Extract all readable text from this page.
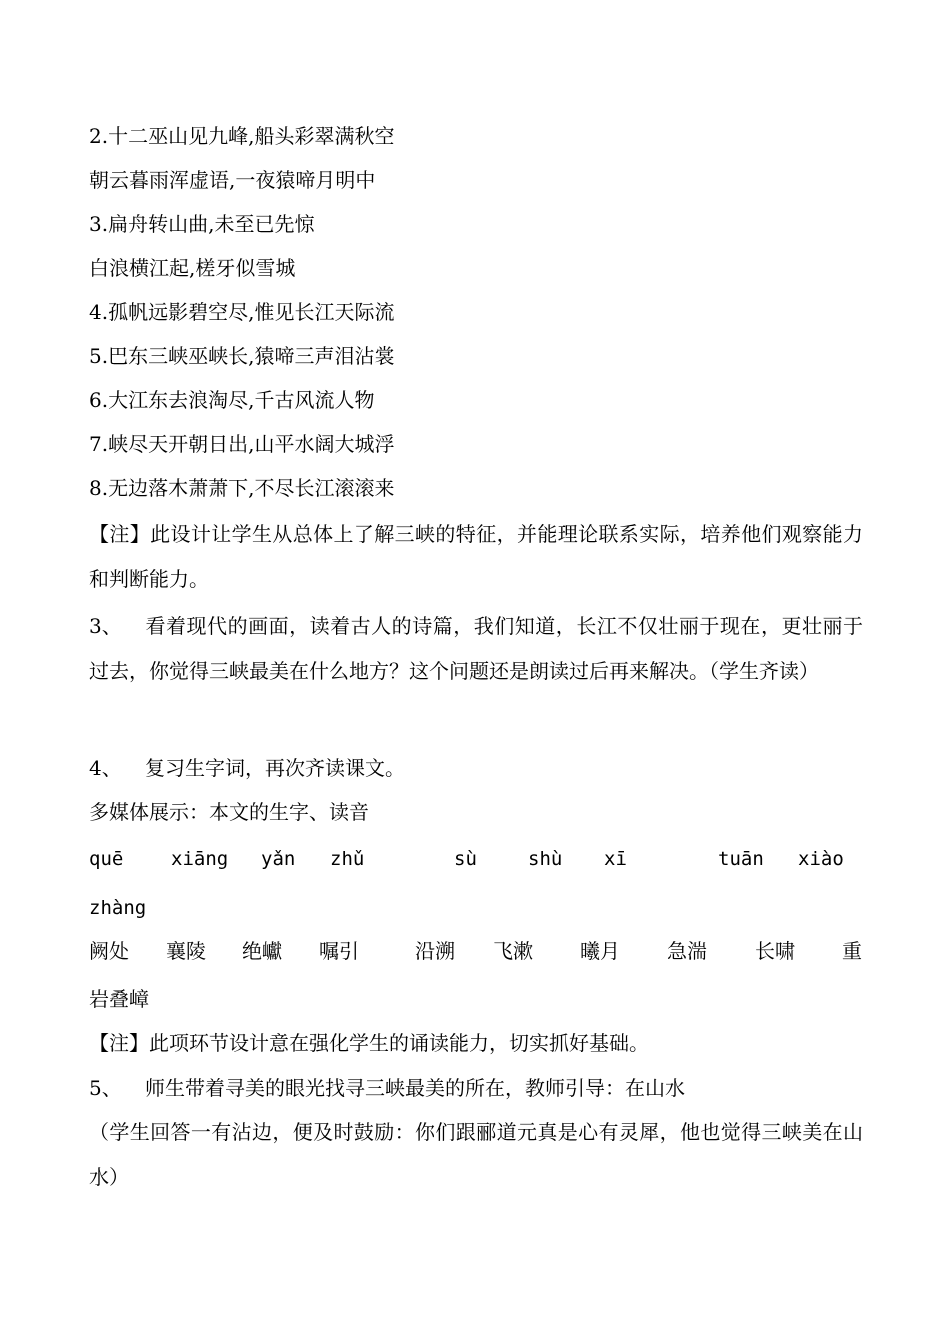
2.十二巫山见九峰,船头彩翠满秋空
朝云暮雨浑虚语,一夜猿啼月明中
3.扁舟转山曲,未至已先惊
白浪横江起,槎牙似雪城
4.孤帆远影碧空尽,惟见长江天际流
5.巴东三峡巫峡长,猿啼三声泪沾裳
6.大江东去浪淘尽,千古风流人物
7.峡尽天开朝日出,山平水阔大城浮
8.无边落木萧萧下,不尽长江滚滚来
【注】此设计让学生从总体上了解三峡的特征，并能理论联系实际，培养他们观察能力和判断能力。
3、 看着现代的画面，读着古人的诗篇，我们知道，长江不仅壮丽于现在，更壮丽于过去，你觉得三峡最美在什么地方？这个问题还是朗读过后再来解决。（学生齐读）
4、 复习生字词，再次齐读课文。
多媒体展示：本文的生字、读音
quē	xiāng yǎn zhǔ	sù	shù xī	tuān xiào
zhàng
阙处 襄陵 绝巘 嘱引	沿溯 飞漱 曦月 急湍 长啸 重
岩叠嶂
【注】此项环节设计意在强化学生的诵读能力，切实抓好基础。
5、 师生带着寻美的眼光找寻三峡最美的所在，教师引导：在山水
（学生回答一有沾边，便及时鼓励：你们跟郦道元真是心有灵犀，他也觉得三峡美在山水）
